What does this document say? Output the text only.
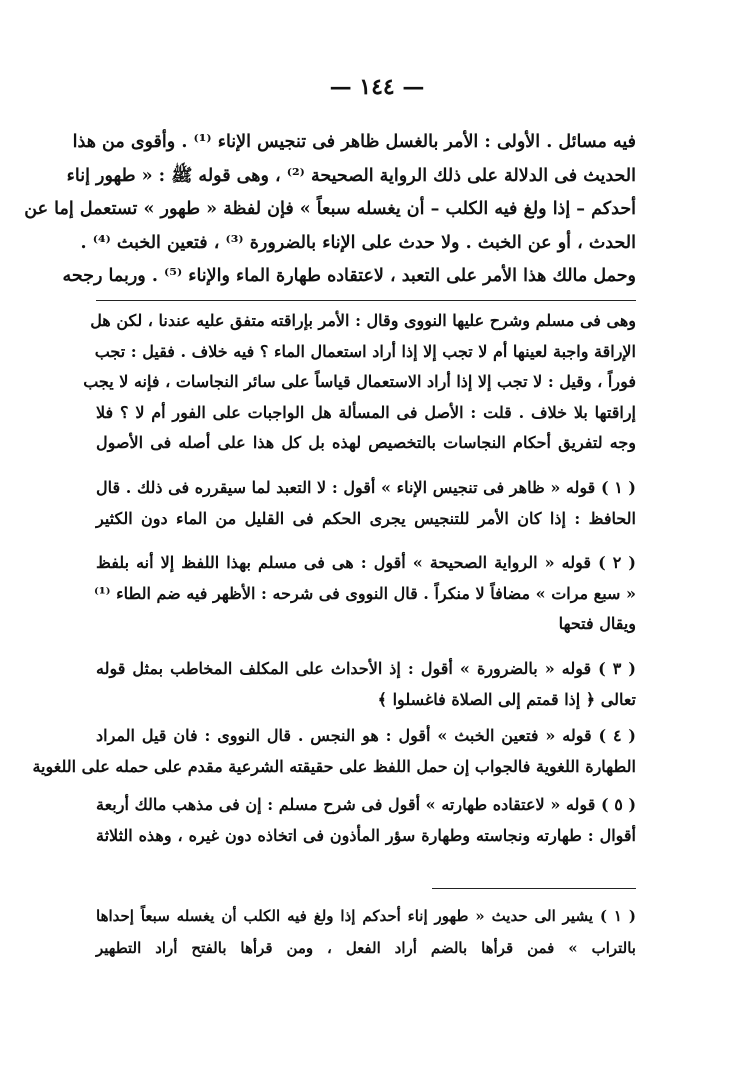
— ١٤٤ —
فيه مسائل . الأولى : الأمر بالغسل ظاهر فى تنجيس الإناء ⁽¹⁾ . وأقوى من هذا
الحديث فى الدلالة على ذلك الرواية الصحيحة ⁽²⁾ ، وهى قوله ﷺ : « طهور إناء
أحدكم – إذا ولغ فيه الكلب – أن يغسله سبعاً » فإن لفظة « طهور » تستعمل إما عن
الحدث ، أو عن الخبث . ولا حدث على الإناء بالضرورة ⁽³⁾ ، فتعين الخبث ⁽⁴⁾ .
وحمل مالك هذا الأمر على التعبد ، لاعتقاده طهارة الماء والإناء ⁽⁵⁾ . وربما رجحه
وهى فى مسلم وشرح عليها النووى وقال : الأمر بإراقته متفق عليه عندنا ، لكن هل
الإراقة واجبة لعينها أم لا تجب إلا إذا أراد استعمال الماء ؟ فيه خلاف . فقيل : تجب
فوراً ، وقيل : لا تجب إلا إذا أراد الاستعمال قياساً على سائر النجاسات ، فإنه لا يجب
إراقتها بلا خلاف . قلت : الأصل فى المسألة هل الواجبات على الفور أم لا ؟ فلا
وجه لتفريق أحكام النجاسات بالتخصيص لهذه بل كل هذا على أصله فى الأصول
( ١ ) قوله « ظاهر فى تنجيس الإناء » أقول : لا التعبد لما سيقرره فى ذلك . قال
الحافظ : إذا كان الأمر للتنجيس يجرى الحكم فى القليل من الماء دون الكثير
( ٢ ) قوله « الرواية الصحيحة » أقول : هى فى مسلم بهذا اللفظ إلا أنه بلفظ
« سبع مرات » مضافاً لا منكراً . قال النووى فى شرحه : الأظهر فيه ضم الطاء ⁽¹⁾
ويقال فتحها
( ٣ ) قوله « بالضرورة » أقول : إذ الأحداث على المكلف المخاطب بمثل قوله
تعالى ﴿ إذا قمتم إلى الصلاة فاغسلوا ﴾
( ٤ ) قوله « فتعين الخبث » أقول : هو النجس . قال النووى : فان قيل المراد
الطهارة اللغوية فالجواب إن حمل اللفظ على حقيقته الشرعية مقدم على حمله على اللغوية
( ٥ ) قوله « لاعتقاده طهارته » أقول فى شرح مسلم : إن فى مذهب مالك أربعة
أقوال : طهارته ونجاسته وطهارة سؤر المأذون فى اتخاذه دون غيره ، وهذه الثلاثة
( ١ ) يشير الى حديث « طهور إناء أحدكم إذا ولغ فيه الكلب أن يغسله سبعاً إحداها
بالتراب » فمن قرأها بالضم أراد الفعل ، ومن قرأها بالفتح أراد التطهير
